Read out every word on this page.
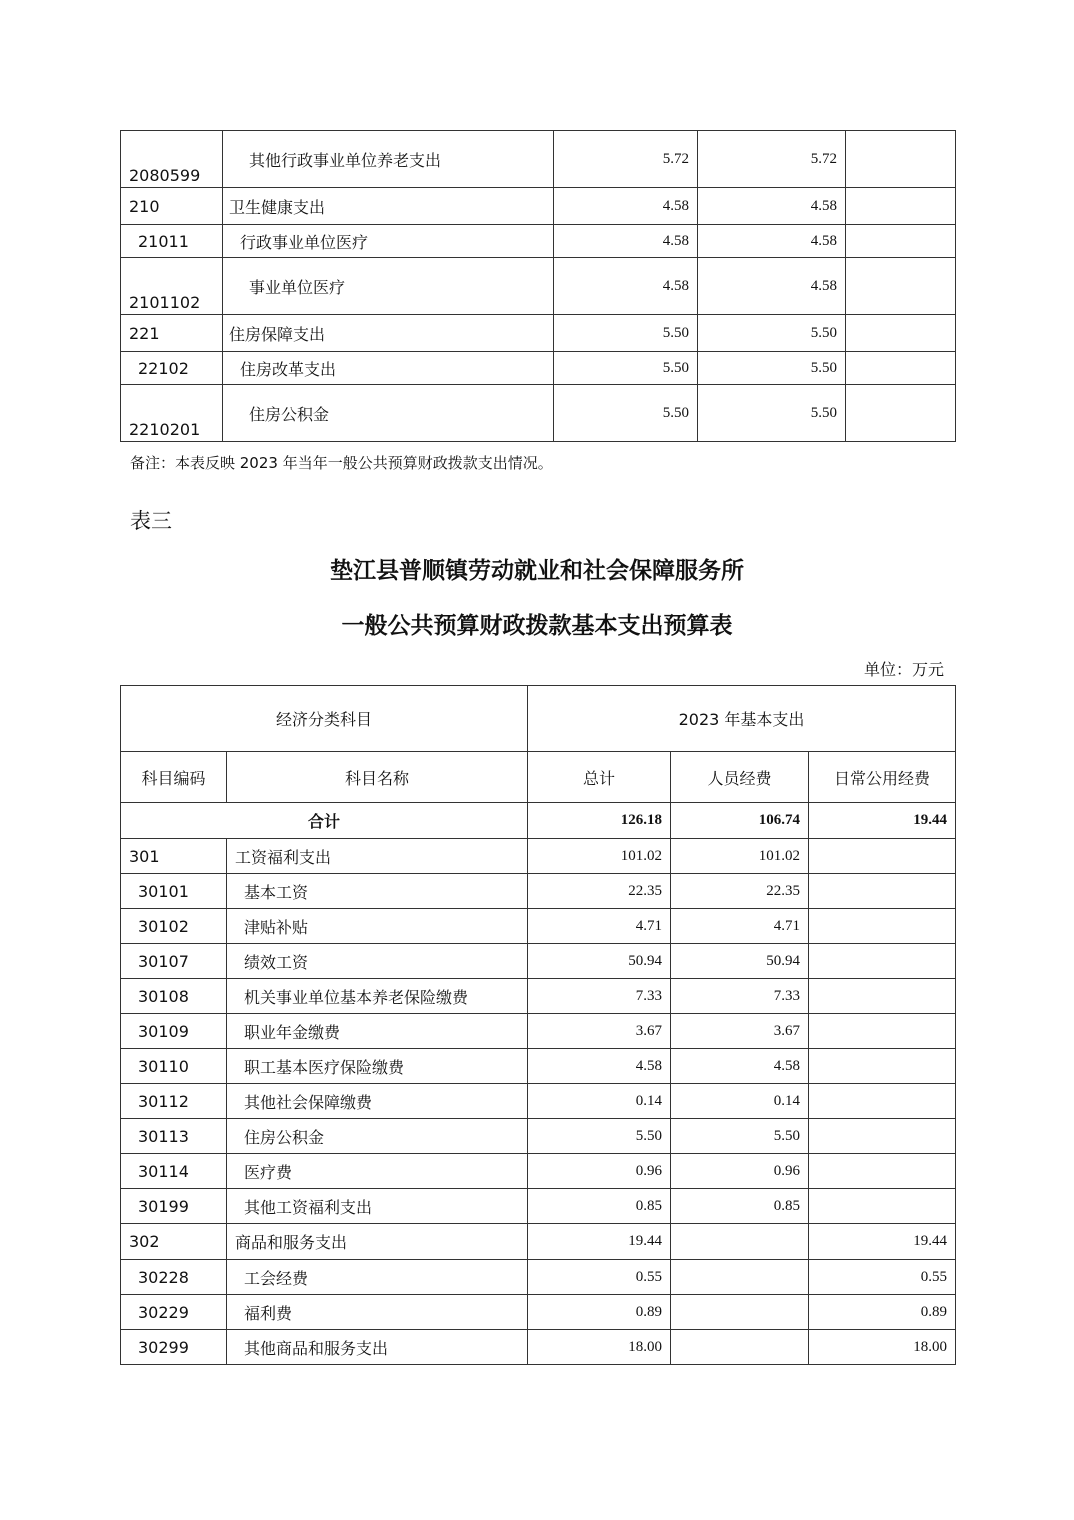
2080599	其他行政事业单位养老支出	5.72	5.72	
210	卫生健康支出	4.58	4.58	
21011	行政事业单位医疗	4.58	4.58	
2101102	事业单位医疗	4.58	4.58	
221	住房保障支出	5.50	5.50	
22102	住房改革支出	5.50	5.50	
2210201	住房公积金	5.50	5.50	
备注：本表反映 2023 年当年一般公共预算财政拨款支出情况。
表三
垫江县普顺镇劳动就业和社会保障服务所
一般公共预算财政拨款基本支出预算表
单位：万元
经济分类科目		2023 年基本支出		
科目编码	科目名称	总计	人员经费	日常公用经费
合计		126.18	106.74	19.44
301	工资福利支出	101.02	101.02	
30101	基本工资	22.35	22.35	
30102	津贴补贴	4.71	4.71	
30107	绩效工资	50.94	50.94	
30108	机关事业单位基本养老保险缴费	7.33	7.33	
30109	职业年金缴费	3.67	3.67	
30110	职工基本医疗保险缴费	4.58	4.58	
30112	其他社会保障缴费	0.14	0.14	
30113	住房公积金	5.50	5.50	
30114	医疗费	0.96	0.96	
30199	其他工资福利支出	0.85	0.85	
302	商品和服务支出	19.44		19.44
30228	工会经费	0.55		0.55
30229	福利费	0.89		0.89
30299	其他商品和服务支出	18.00		18.00
